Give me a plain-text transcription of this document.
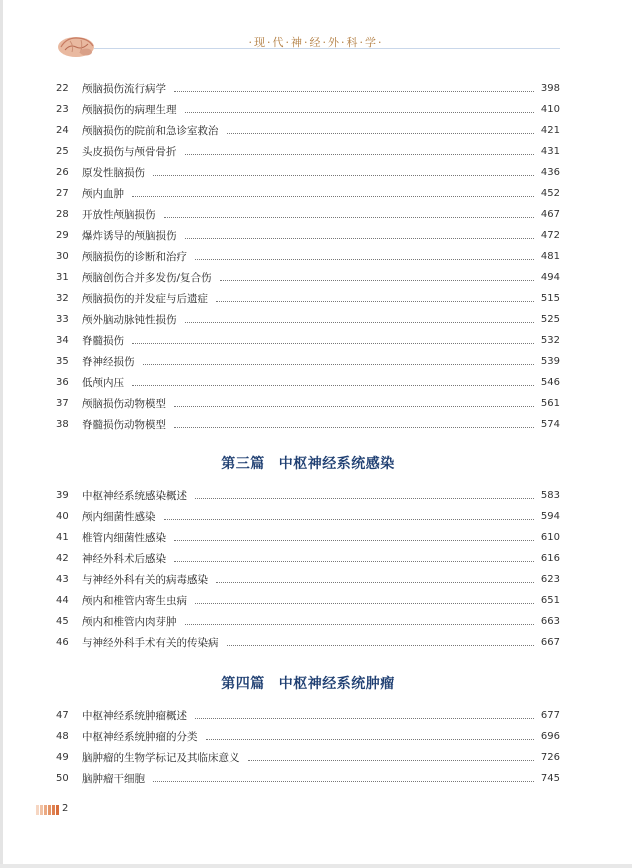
·现·代·神·经·外·科·学·
22	颅脑损伤流行病学	398
23	颅脑损伤的病理生理	410
24	颅脑损伤的院前和急诊室救治	421
25	头皮损伤与颅骨骨折	431
26	原发性脑损伤	436
27	颅内血肿	452
28	开放性颅脑损伤	467
29	爆炸诱导的颅脑损伤	472
30	颅脑损伤的诊断和治疗	481
31	颅脑创伤合并多发伤/复合伤	494
32	颅脑损伤的并发症与后遗症	515
33	颅外脑动脉钝性损伤	525
34	脊髓损伤	532
35	脊神经损伤	539
36	低颅内压	546
37	颅脑损伤动物模型	561
38	脊髓损伤动物模型	574
第三篇 中枢神经系统感染
39	中枢神经系统感染概述	583
40	颅内细菌性感染	594
41	椎管内细菌性感染	610
42	神经外科术后感染	616
43	与神经外科有关的病毒感染	623
44	颅内和椎管内寄生虫病	651
45	颅内和椎管内肉芽肿	663
46	与神经外科手术有关的传染病	667
第四篇 中枢神经系统肿瘤
47	中枢神经系统肿瘤概述	677
48	中枢神经系统肿瘤的分类	696
49	脑肿瘤的生物学标记及其临床意义	726
50	脑肿瘤干细胞	745
2
